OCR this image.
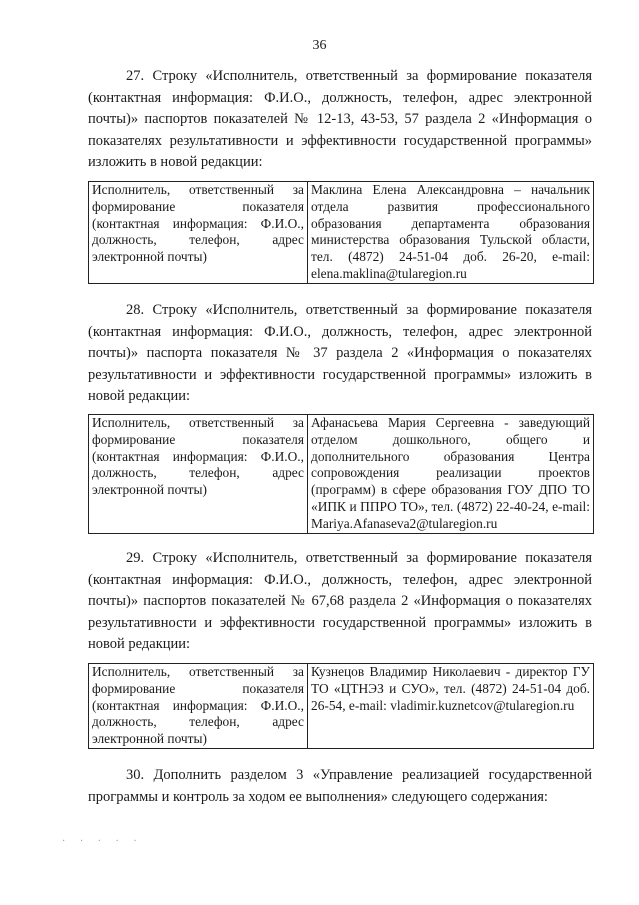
36

27. Строку «Исполнитель, ответственный за формирование показателя (контактная информация: Ф.И.О., должность, телефон, адрес электронной почты)» паспортов показателей № 12-13, 43-53, 57 раздела 2 «Информация о показателях результативности и эффективности государственной программы» изложить в новой редакции:

Исполнитель, ответственный за формирование показателя (контактная информация: Ф.И.О., должность, телефон, адрес электронной почты)	Маклина Елена Александровна – начальник отдела развития профессионального образования департамента образования министерства образования Тульской области, тел. (4872) 24-51-04 доб. 26-20, e-mail: elena.maklina@tularegion.ru

28. Строку «Исполнитель, ответственный за формирование показателя (контактная информация: Ф.И.О., должность, телефон, адрес электронной почты)» паспорта показателя № 37 раздела 2 «Информация о показателях результативности и эффективности государственной программы» изложить в новой редакции:

Исполнитель, ответственный за формирование показателя (контактная информация: Ф.И.О., должность, телефон, адрес электронной почты)	Афанасьева Мария Сергеевна - заведующий отделом дошкольного, общего и дополнительного образования Центра сопровождения реализации проектов (программ) в сфере образования ГОУ ДПО ТО «ИПК и ППРО ТО», тел. (4872) 22-40-24, e-mail: Mariya.Afanaseva2@tularegion.ru

29. Строку «Исполнитель, ответственный за формирование показателя (контактная информация: Ф.И.О., должность, телефон, адрес электронной почты)» паспортов показателей № 67,68 раздела 2 «Информация о показателях результативности и эффективности государственной программы» изложить в новой редакции:

Исполнитель, ответственный за формирование показателя (контактная информация: Ф.И.О., должность, телефон, адрес электронной почты)	Кузнецов Владимир Николаевич - директор ГУ ТО «ЦТНЭЗ и СУО», тел. (4872) 24-51-04 доб. 26-54, e-mail: vladimir.kuznetcov@tularegion.ru

30. Дополнить разделом 3 «Управление реализацией государственной программы и контроль за ходом ее выполнения» следующего содержания:

· · · · ·
